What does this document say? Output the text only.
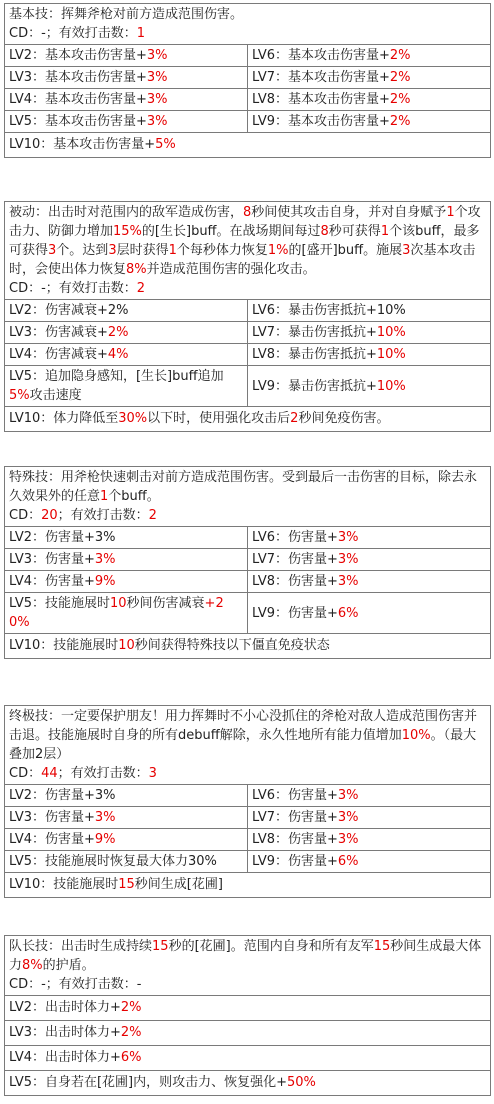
基本技：挥舞斧枪对前方造成范围伤害。

CD：-；有效打击数：1	

LV2：基本攻击伤害量+3%	LV6：基本攻击伤害量+2%
LV3：基本攻击伤害量+3%	LV7：基本攻击伤害量+2%
LV4：基本攻击伤害量+3%	LV8：基本攻击伤害量+2%
LV5：基本攻击伤害量+3%	LV9：基本攻击伤害量+2%
LV10：基本攻击伤害量+5%	

被动：出击时对范围内的敌军造成伤害，8秒间使其攻击自身，并对自身赋予1个攻击力、防御力增加15%的[生长]buff。在战场期间每过8秒可获得1个该buff，最多可获得3个。达到3层时获得1个每秒体力恢复1%的[盛开]buff。施展3次基本攻击时，会使出体力恢复8%并造成范围伤害的强化攻击。

CD：-；有效打击数：2	

LV2：伤害减衰+2%	LV6：暴击伤害抵抗+10%
LV3：伤害减衰+2%	LV7：暴击伤害抵抗+10%
LV4：伤害减衰+4%	LV8：暴击伤害抵抗+10%
LV5：追加隐身感知，[生长]buff追加5%攻击速度	LV9：暴击伤害抵抗+10%
LV10：体力降低至30%以下时，使用强化攻击后2秒间免疫伤害。	

特殊技：用斧枪快速刺击对前方造成范围伤害。受到最后一击伤害的目标，除去永久效果外的任意1个buff。

CD：20；有效打击数：2	

LV2：伤害量+3%	LV6：伤害量+3%
LV3：伤害量+3%	LV7：伤害量+3%
LV4：伤害量+9%	LV8：伤害量+3%
LV5：技能施展时10秒间伤害减衰+20%	LV9：伤害量+6%
LV10：技能施展时10秒间获得特殊技以下僵直免疫状态	

终极技：一定要保护朋友！用力挥舞时不小心没抓住的斧枪对敌人造成范围伤害并击退。技能施展时自身的所有debuff解除，永久性地所有能力值增加10%。（最大叠加2层）

CD：44；有效打击数：3	

LV2：伤害量+3%	LV6：伤害量+3%
LV3：伤害量+3%	LV7：伤害量+3%
LV4：伤害量+9%	LV8：伤害量+3%
LV5：技能施展时恢复最大体力30%	LV9：伤害量+6%
LV10：技能施展时15秒间生成[花圃]	

队长技：出击时生成持续15秒的[花圃]。范围内自身和所有友军15秒间生成最大体力8%的护盾。

CD：-；有效打击数：-

LV2：出击时体力+2%
LV3：出击时体力+2%
LV4：出击时体力+6%
LV5：自身若在[花圃]内，则攻击力、恢复强化+50%
